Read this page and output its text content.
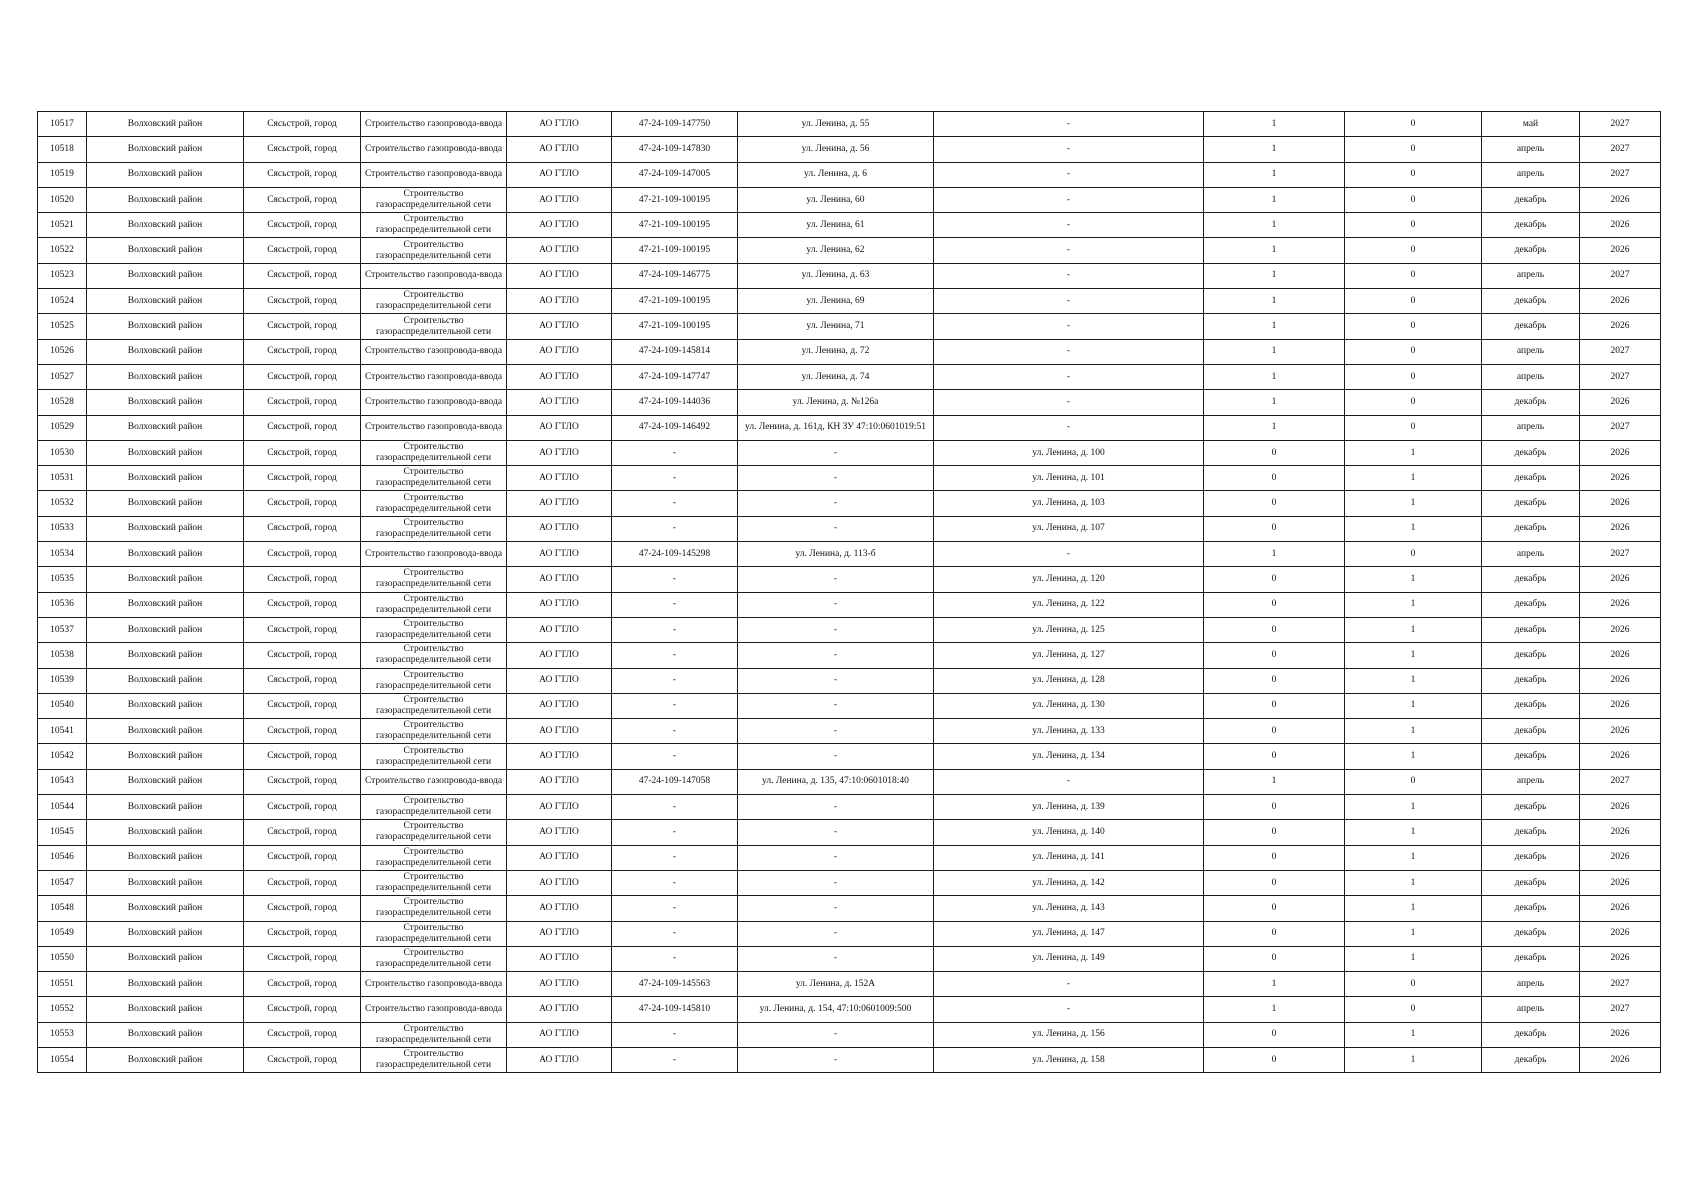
10517	Волховский район	Сясьстрой, город	Строительство газопровода-ввода	АО ГТЛО	47-24-109-147750	ул. Ленина, д. 55	-	1	0	май	2027
10518	Волховский район	Сясьстрой, город	Строительство газопровода-ввода	АО ГТЛО	47-24-109-147830	ул. Ленина, д. 56	-	1	0	апрель	2027
10519	Волховский район	Сясьстрой, город	Строительство газопровода-ввода	АО ГТЛО	47-24-109-147005	ул. Ленина, д. 6	-	1	0	апрель	2027
10520	Волховский район	Сясьстрой, город	Строительство газораспределительной сети	АО ГТЛО	47-21-109-100195	ул. Ленина, 60	-	1	0	декабрь	2026
10521	Волховский район	Сясьстрой, город	Строительство газораспределительной сети	АО ГТЛО	47-21-109-100195	ул. Ленина, 61	-	1	0	декабрь	2026
10522	Волховский район	Сясьстрой, город	Строительство газораспределительной сети	АО ГТЛО	47-21-109-100195	ул. Ленина, 62	-	1	0	декабрь	2026
10523	Волховский район	Сясьстрой, город	Строительство газопровода-ввода	АО ГТЛО	47-24-109-146775	ул. Ленина, д. 63	-	1	0	апрель	2027
10524	Волховский район	Сясьстрой, город	Строительство газораспределительной сети	АО ГТЛО	47-21-109-100195	ул. Ленина, 69	-	1	0	декабрь	2026
10525	Волховский район	Сясьстрой, город	Строительство газораспределительной сети	АО ГТЛО	47-21-109-100195	ул. Ленина, 71	-	1	0	декабрь	2026
10526	Волховский район	Сясьстрой, город	Строительство газопровода-ввода	АО ГТЛО	47-24-109-145814	ул. Ленина, д. 72	-	1	0	апрель	2027
10527	Волховский район	Сясьстрой, город	Строительство газопровода-ввода	АО ГТЛО	47-24-109-147747	ул. Ленина, д. 74	-	1	0	апрель	2027
10528	Волховский район	Сясьстрой, город	Строительство газопровода-ввода	АО ГТЛО	47-24-109-144036	ул. Ленина, д. №126а	-	1	0	декабрь	2026
10529	Волховский район	Сясьстрой, город	Строительство газопровода-ввода	АО ГТЛО	47-24-109-146492	ул. Ленина, д. 161д, КН ЗУ 47:10:0601019:51	-	1	0	апрель	2027
10530	Волховский район	Сясьстрой, город	Строительство газораспределительной сети	АО ГТЛО	-	-	ул. Ленина, д. 100	0	1	декабрь	2026
10531	Волховский район	Сясьстрой, город	Строительство газораспределительной сети	АО ГТЛО	-	-	ул. Ленина, д. 101	0	1	декабрь	2026
10532	Волховский район	Сясьстрой, город	Строительство газораспределительной сети	АО ГТЛО	-	-	ул. Ленина, д. 103	0	1	декабрь	2026
10533	Волховский район	Сясьстрой, город	Строительство газораспределительной сети	АО ГТЛО	-	-	ул. Ленина, д. 107	0	1	декабрь	2026
10534	Волховский район	Сясьстрой, город	Строительство газопровода-ввода	АО ГТЛО	47-24-109-145298	ул. Ленина, д. 113-б	-	1	0	апрель	2027
10535	Волховский район	Сясьстрой, город	Строительство газораспределительной сети	АО ГТЛО	-	-	ул. Ленина, д. 120	0	1	декабрь	2026
10536	Волховский район	Сясьстрой, город	Строительство газораспределительной сети	АО ГТЛО	-	-	ул. Ленина, д. 122	0	1	декабрь	2026
10537	Волховский район	Сясьстрой, город	Строительство газораспределительной сети	АО ГТЛО	-	-	ул. Ленина, д. 125	0	1	декабрь	2026
10538	Волховский район	Сясьстрой, город	Строительство газораспределительной сети	АО ГТЛО	-	-	ул. Ленина, д. 127	0	1	декабрь	2026
10539	Волховский район	Сясьстрой, город	Строительство газораспределительной сети	АО ГТЛО	-	-	ул. Ленина, д. 128	0	1	декабрь	2026
10540	Волховский район	Сясьстрой, город	Строительство газораспределительной сети	АО ГТЛО	-	-	ул. Ленина, д. 130	0	1	декабрь	2026
10541	Волховский район	Сясьстрой, город	Строительство газораспределительной сети	АО ГТЛО	-	-	ул. Ленина, д. 133	0	1	декабрь	2026
10542	Волховский район	Сясьстрой, город	Строительство газораспределительной сети	АО ГТЛО	-	-	ул. Ленина, д. 134	0	1	декабрь	2026
10543	Волховский район	Сясьстрой, город	Строительство газопровода-ввода	АО ГТЛО	47-24-109-147058	ул. Ленина, д. 135, 47:10:0601018:40	-	1	0	апрель	2027
10544	Волховский район	Сясьстрой, город	Строительство газораспределительной сети	АО ГТЛО	-	-	ул. Ленина, д. 139	0	1	декабрь	2026
10545	Волховский район	Сясьстрой, город	Строительство газораспределительной сети	АО ГТЛО	-	-	ул. Ленина, д. 140	0	1	декабрь	2026
10546	Волховский район	Сясьстрой, город	Строительство газораспределительной сети	АО ГТЛО	-	-	ул. Ленина, д. 141	0	1	декабрь	2026
10547	Волховский район	Сясьстрой, город	Строительство газораспределительной сети	АО ГТЛО	-	-	ул. Ленина, д. 142	0	1	декабрь	2026
10548	Волховский район	Сясьстрой, город	Строительство газораспределительной сети	АО ГТЛО	-	-	ул. Ленина, д. 143	0	1	декабрь	2026
10549	Волховский район	Сясьстрой, город	Строительство газораспределительной сети	АО ГТЛО	-	-	ул. Ленина, д. 147	0	1	декабрь	2026
10550	Волховский район	Сясьстрой, город	Строительство газораспределительной сети	АО ГТЛО	-	-	ул. Ленина, д. 149	0	1	декабрь	2026
10551	Волховский район	Сясьстрой, город	Строительство газопровода-ввода	АО ГТЛО	47-24-109-145563	ул. Ленина, д. 152А	-	1	0	апрель	2027
10552	Волховский район	Сясьстрой, город	Строительство газопровода-ввода	АО ГТЛО	47-24-109-145810	ул. Ленина, д. 154, 47:10:0601009:500	-	1	0	апрель	2027
10553	Волховский район	Сясьстрой, город	Строительство газораспределительной сети	АО ГТЛО	-	-	ул. Ленина, д. 156	0	1	декабрь	2026
10554	Волховский район	Сясьстрой, город	Строительство газораспределительной сети	АО ГТЛО	-	-	ул. Ленина, д. 158	0	1	декабрь	2026
